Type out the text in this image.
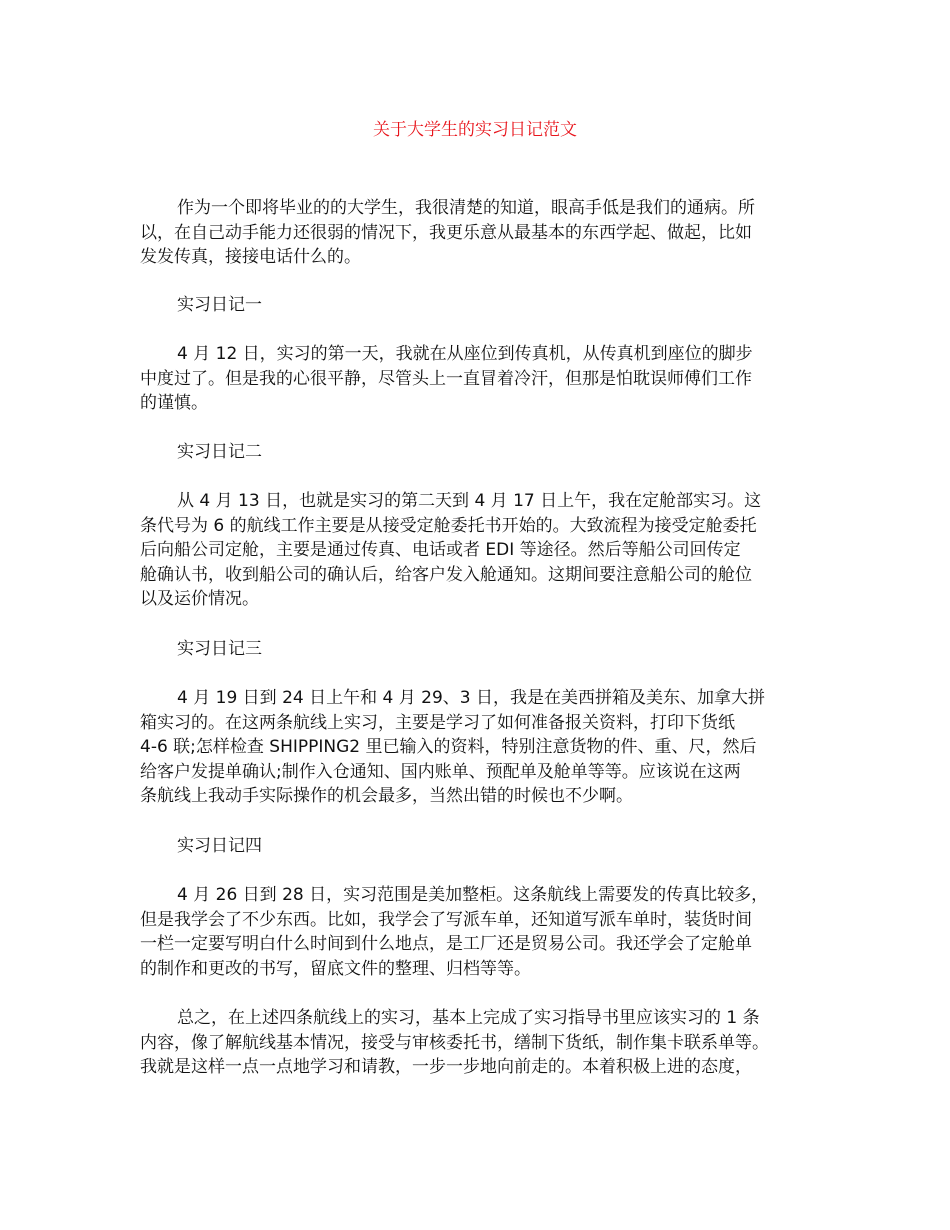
关于大学生的实习日记范文
作为一个即将毕业的的大学生，我很清楚的知道，眼高手低是我们的通病。所
以，在自己动手能力还很弱的情况下，我更乐意从最基本的东西学起、做起，比如
发发传真，接接电话什么的。
实习日记一
4 月 12 日，实习的第一天，我就在从座位到传真机，从传真机到座位的脚步
中度过了。但是我的心很平静，尽管头上一直冒着冷汗，但那是怕耽误师傅们工作
的谨慎。
实习日记二
从 4 月 13 日，也就是实习的第二天到 4 月 17 日上午，我在定舱部实习。这
条代号为 6 的航线工作主要是从接受定舱委托书开始的。大致流程为接受定舱委托
后向船公司定舱，主要是通过传真、电话或者 EDI 等途径。然后等船公司回传定
舱确认书，收到船公司的确认后，给客户发入舱通知。这期间要注意船公司的舱位
以及运价情况。
实习日记三
4 月 19 日到 24 日上午和 4 月 29、3 日，我是在美西拼箱及美东、加拿大拼
箱实习的。在这两条航线上实习，主要是学习了如何准备报关资料，打印下货纸
4-6 联;怎样检查 SHIPPING2 里已输入的资料，特别注意货物的件、重、尺，然后
给客户发提单确认;制作入仓通知、国内账单、预配单及舱单等等。应该说在这两
条航线上我动手实际操作的机会最多，当然出错的时候也不少啊。
实习日记四
4 月 26 日到 28 日，实习范围是美加整柜。这条航线上需要发的传真比较多，
但是我学会了不少东西。比如，我学会了写派车单，还知道写派车单时，装货时间
一栏一定要写明白什么时间到什么地点，是工厂还是贸易公司。我还学会了定舱单
的制作和更改的书写，留底文件的整理、归档等等。
总之，在上述四条航线上的实习，基本上完成了实习指导书里应该实习的 1 条
内容，像了解航线基本情况，接受与审核委托书，缮制下货纸，制作集卡联系单等。
我就是这样一点一点地学习和请教，一步一步地向前走的。本着积极上进的态度，
